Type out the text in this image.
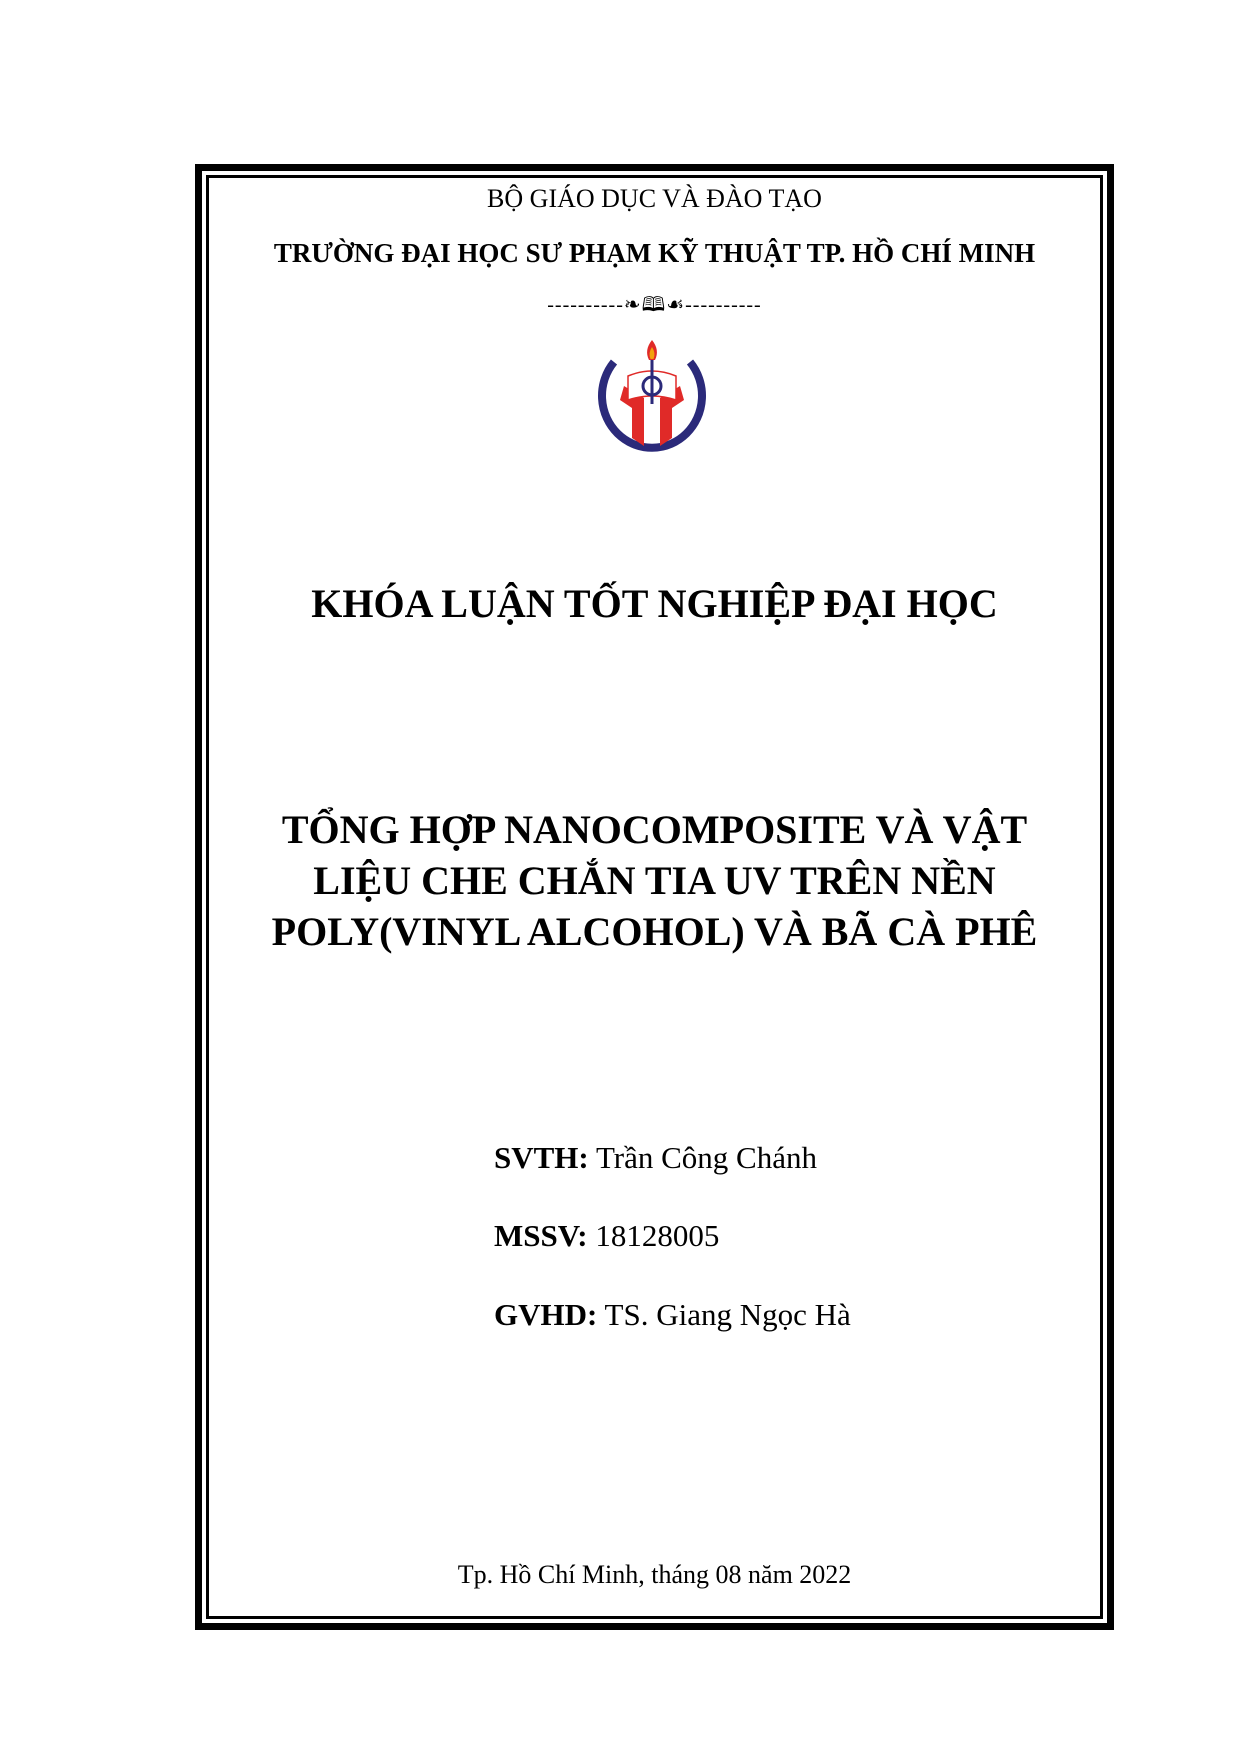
BỘ GIÁO DỤC VÀ ĐÀO TẠO
TRƯỜNG ĐẠI HỌC SƯ PHẠM KỸ THUẬT TP. HỒ CHÍ MINH
----------❧🕮☙----------
KHÓA LUẬN TỐT NGHIỆP ĐẠI HỌC
TỔNG HỢP NANOCOMPOSITE VÀ VẬT
LIỆU CHE CHẮN TIA UV TRÊN NỀN
POLY(VINYL ALCOHOL) VÀ BÃ CÀ PHÊ
SVTH: Trần Công Chánh
MSSV: 18128005
GVHD: TS. Giang Ngọc Hà
Tp. Hồ Chí Minh, tháng 08 năm 2022
